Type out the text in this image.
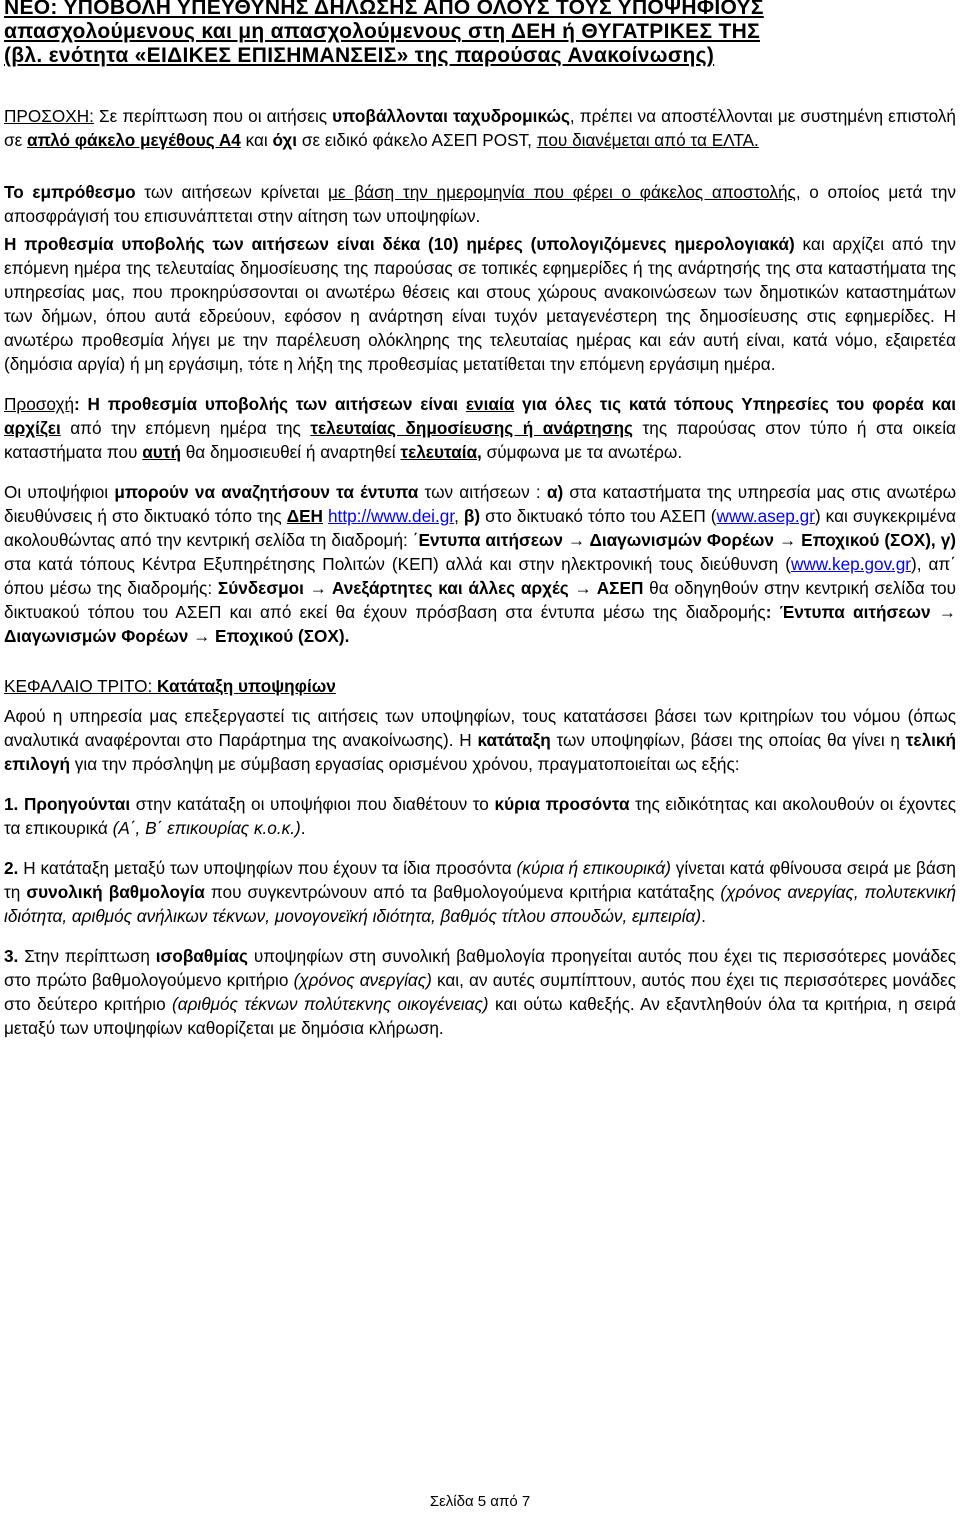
ΝΕΟ: ΥΠΟΒΟΛΗ ΥΠΕΥΘΥΝΗΣ ΔΗΛΩΣΗΣ ΑΠΟ ΟΛΟΥΣ ΤΟΥΣ ΥΠΟΨΗΦΙΟΥΣ
απασχολούμενους και μη απασχολούμενους στη ΔΕΗ ή ΘΥΓΑΤΡΙΚΕΣ ΤΗΣ
(βλ. ενότητα «ΕΙΔΙΚΕΣ ΕΠΙΣΗΜΑΝΣΕΙΣ» της παρούσας Ανακοίνωσης)

ΠΡΟΣΟΧΗ: Σε περίπτωση που οι αιτήσεις υποβάλλονται ταχυδρομικώς, πρέπει να αποστέλλονται με συστημένη επιστολή σε απλό φάκελο μεγέθους Α4 και όχι σε ειδικό φάκελο ΑΣΕΠ POST, που διανέμεται από τα ΕΛΤΑ.

Το εμπρόθεσμο των αιτήσεων κρίνεται με βάση την ημερομηνία που φέρει ο φάκελος αποστολής, ο οποίος μετά την αποσφράγισή του επισυνάπτεται στην αίτηση των υποψηφίων.

Η προθεσμία υποβολής των αιτήσεων είναι δέκα (10) ημέρες (υπολογιζόμενες ημερολογιακά) και αρχίζει από την επόμενη ημέρα της τελευταίας δημοσίευσης της παρούσας σε τοπικές εφημερίδες ή της ανάρτησής της στα καταστήματα της υπηρεσίας μας, που προκηρύσσονται οι ανωτέρω θέσεις και στους χώρους ανακοινώσεων των δημοτικών καταστημάτων των δήμων, όπου αυτά εδρεύουν, εφόσον η ανάρτηση είναι τυχόν μεταγενέστερη της δημοσίευσης στις εφημερίδες. Η ανωτέρω προθεσμία λήγει με την παρέλευση ολόκληρης της τελευταίας ημέρας και εάν αυτή είναι, κατά νόμο, εξαιρετέα (δημόσια αργία) ή μη εργάσιμη, τότε η λήξη της προθεσμίας μετατίθεται την επόμενη εργάσιμη ημέρα.

Προσοχή: Η προθεσμία υποβολής των αιτήσεων είναι ενιαία για όλες τις κατά τόπους Υπηρεσίες του φορέα και αρχίζει από την επόμενη ημέρα της τελευταίας δημοσίευσης ή ανάρτησης της παρούσας στον τύπο ή στα οικεία καταστήματα που αυτή θα δημοσιευθεί ή αναρτηθεί τελευταία, σύμφωνα με τα ανωτέρω.

Οι υποψήφιοι μπορούν να αναζητήσουν τα έντυπα των αιτήσεων : α) στα καταστήματα της υπηρεσία μας στις ανωτέρω διευθύνσεις ή στο δικτυακό τόπο της ΔΕΗ http://www.dei.gr, β) στο δικτυακό τόπο του ΑΣΕΠ (www.asep.gr) και συγκεκριμένα ακολουθώντας από την κεντρική σελίδα τη διαδρομή: ΄Εντυπα αιτήσεων → Διαγωνισμών Φορέων → Εποχικού (ΣΟΧ), γ) στα κατά τόπους Κέντρα Εξυπηρέτησης Πολιτών (ΚΕΠ) αλλά και στην ηλεκτρονική τους διεύθυνση (www.kep.gov.gr), απ΄ όπου μέσω της διαδρομής: Σύνδεσμοι → Ανεξάρτητες και άλλες αρχές → ΑΣΕΠ θα οδηγηθούν στην κεντρική σελίδα του δικτυακού τόπου του ΑΣΕΠ και από εκεί θα έχουν πρόσβαση στα έντυπα μέσω της διαδρομής: Έντυπα αιτήσεων → Διαγωνισμών Φορέων → Εποχικού (ΣΟΧ).

ΚΕΦΑΛΑΙΟ ΤΡΙΤΟ: Κατάταξη υποψηφίων

Αφού η υπηρεσία μας επεξεργαστεί τις αιτήσεις των υποψηφίων, τους κατατάσσει βάσει των κριτηρίων του νόμου (όπως αναλυτικά αναφέρονται στο Παράρτημα της ανακοίνωσης). Η κατάταξη των υποψηφίων, βάσει της οποίας θα γίνει η τελική επιλογή για την πρόσληψη με σύμβαση εργασίας ορισμένου χρόνου, πραγματοποιείται ως εξής:

1. Προηγούνται στην κατάταξη οι υποψήφιοι που διαθέτουν το κύρια προσόντα της ειδικότητας και ακολουθούν οι έχοντες τα επικουρικά (Α΄, Β΄ επικουρίας κ.ο.κ.).

2. Η κατάταξη μεταξύ των υποψηφίων που έχουν τα ίδια προσόντα (κύρια ή επικουρικά) γίνεται κατά φθίνουσα σειρά με βάση τη συνολική βαθμολογία που συγκεντρώνουν από τα βαθμολογούμενα κριτήρια κατάταξης (χρόνος ανεργίας, πολυτεκνική ιδιότητα, αριθμός ανήλικων τέκνων, μονογονεϊκή ιδιότητα, βαθμός τίτλου σπουδών, εμπειρία).

3. Στην περίπτωση ισοβαθμίας υποψηφίων στη συνολική βαθμολογία προηγείται αυτός που έχει τις περισσότερες μονάδες στο πρώτο βαθμολογούμενο κριτήριο (χρόνος ανεργίας) και, αν αυτές συμπίπτουν, αυτός που έχει τις περισσότερες μονάδες στο δεύτερο κριτήριο (αριθμός τέκνων πολύτεκνης οικογένειας) και ούτω καθεξής. Αν εξαντληθούν όλα τα κριτήρια, η σειρά μεταξύ των υποψηφίων καθορίζεται με δημόσια κλήρωση.

Σελίδα 5 από 7
